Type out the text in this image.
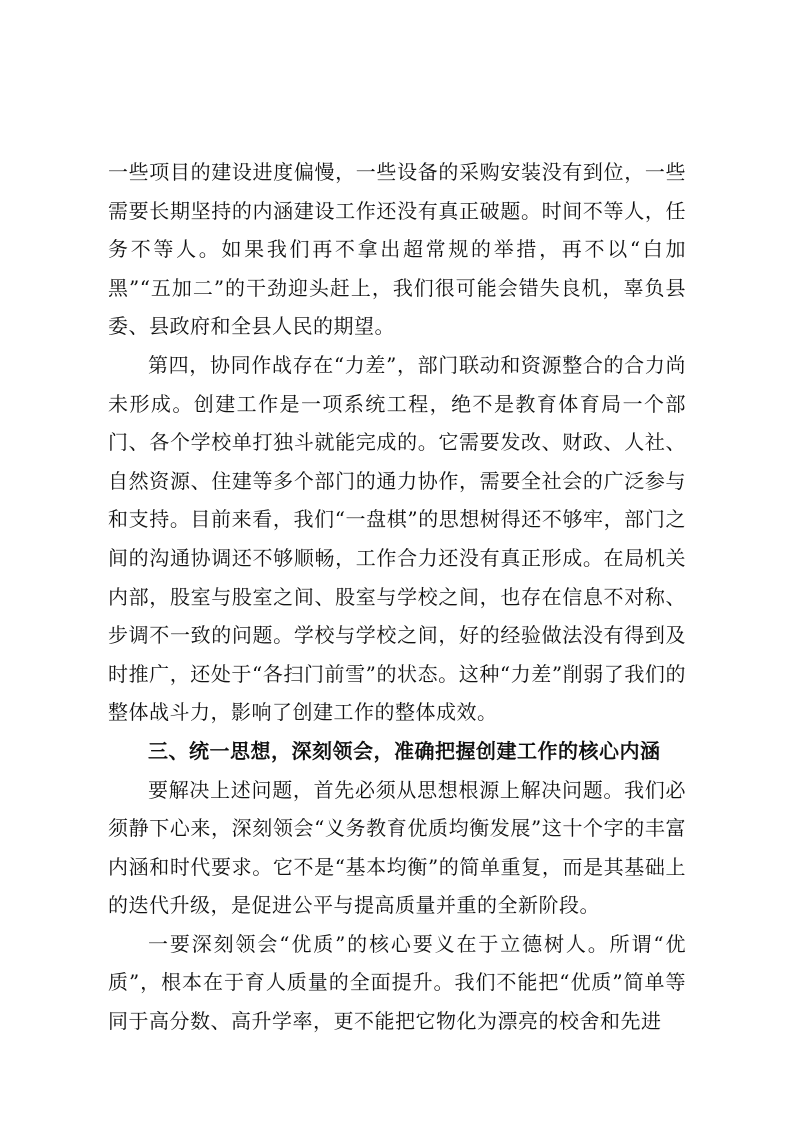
一些项目的建设进度偏慢，一些设备的采购安装没有到位，一些需要长期坚持的内涵建设工作还没有真正破题。时间不等人，任务不等人。如果我们再不拿出超常规的举措，再不以“白加黑”“五加二”的干劲迎头赶上，我们很可能会错失良机，辜负县委、县政府和全县人民的期望。

第四，协同作战存在“力差”，部门联动和资源整合的合力尚未形成。创建工作是一项系统工程，绝不是教育体育局一个部门、各个学校单打独斗就能完成的。它需要发改、财政、人社、自然资源、住建等多个部门的通力协作，需要全社会的广泛参与和支持。目前来看，我们“一盘棋”的思想树得还不够牢，部门之间的沟通协调还不够顺畅，工作合力还没有真正形成。在局机关内部，股室与股室之间、股室与学校之间，也存在信息不对称、步调不一致的问题。学校与学校之间，好的经验做法没有得到及时推广，还处于“各扫门前雪”的状态。这种“力差”削弱了我们的整体战斗力，影响了创建工作的整体成效。

三、统一思想，深刻领会，准确把握创建工作的核心内涵

要解决上述问题，首先必须从思想根源上解决问题。我们必须静下心来，深刻领会“义务教育优质均衡发展”这十个字的丰富内涵和时代要求。它不是“基本均衡”的简单重复，而是其基础上的迭代升级，是促进公平与提高质量并重的全新阶段。

一要深刻领会“优质”的核心要义在于立德树人。所谓“优质”，根本在于育人质量的全面提升。我们不能把“优质”简单等同于高分数、高升学率，更不能把它物化为漂亮的校舍和先进
